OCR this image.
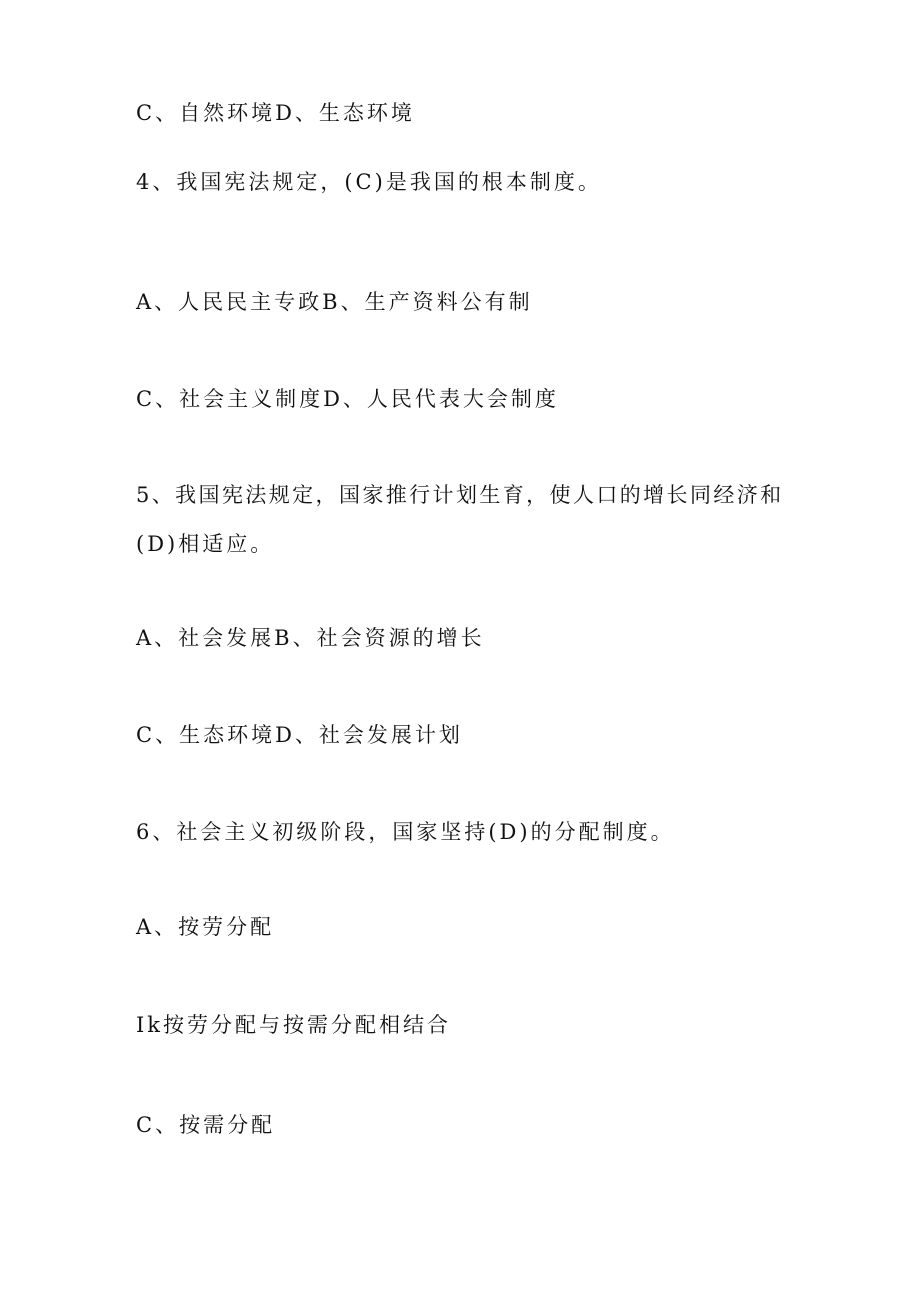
C、自然环境D、生态环境

4、我国宪法规定，(C)是我国的根本制度。

A、人民民主专政B、生产资料公有制

C、社会主义制度D、人民代表大会制度

5、我国宪法规定，国家推行计划生育，使人口的增长同经济和

(D)相适应。

A、社会发展B、社会资源的增长

C、生态环境D、社会发展计划

6、社会主义初级阶段，国家坚持(D)的分配制度。

A、按劳分配

Ik按劳分配与按需分配相结合

C、按需分配
